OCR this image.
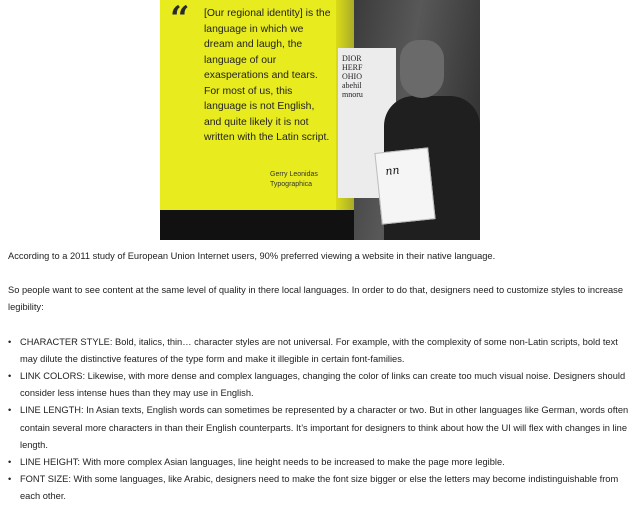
“ [Our regional identity] is the language in which we dream and laugh, the language of our exasperations and tears. For most of us, this language is not English, and quite likely it is not written with the Latin script.
Gerry Leonidas
Typographica
DIOR
HERF
OHIO
abehil
mnoru
nn

According to a 2011 study of European Union Internet users, 90% preferred viewing a website in their native language.

So people want to see content at the same level of quality in there local languages. In order to do that, designers need to customize styles to increase legibility:

• CHARACTER STYLE: Bold, italics, thin… character styles are not universal. For example, with the complexity of some non-Latin scripts, bold text may dilute the distinctive features of the type form and make it illegible in certain font-families.
• LINK COLORS: Likewise, with more dense and complex languages, changing the color of links can create too much visual noise. Designers should consider less intense hues than they may use in English.
• LINE LENGTH: In Asian texts, English words can sometimes be represented by a character or two. But in other languages like German, words often contain several more characters in than their English counterparts. It’s important for designers to think about how the UI will flex with changes in line length.
• LINE HEIGHT: With more complex Asian languages, line height needs to be increased to make the page more legible.
• FONT SIZE: With some languages, like Arabic, designers need to make the font size bigger or else the letters may become indistinguishable from each other.
